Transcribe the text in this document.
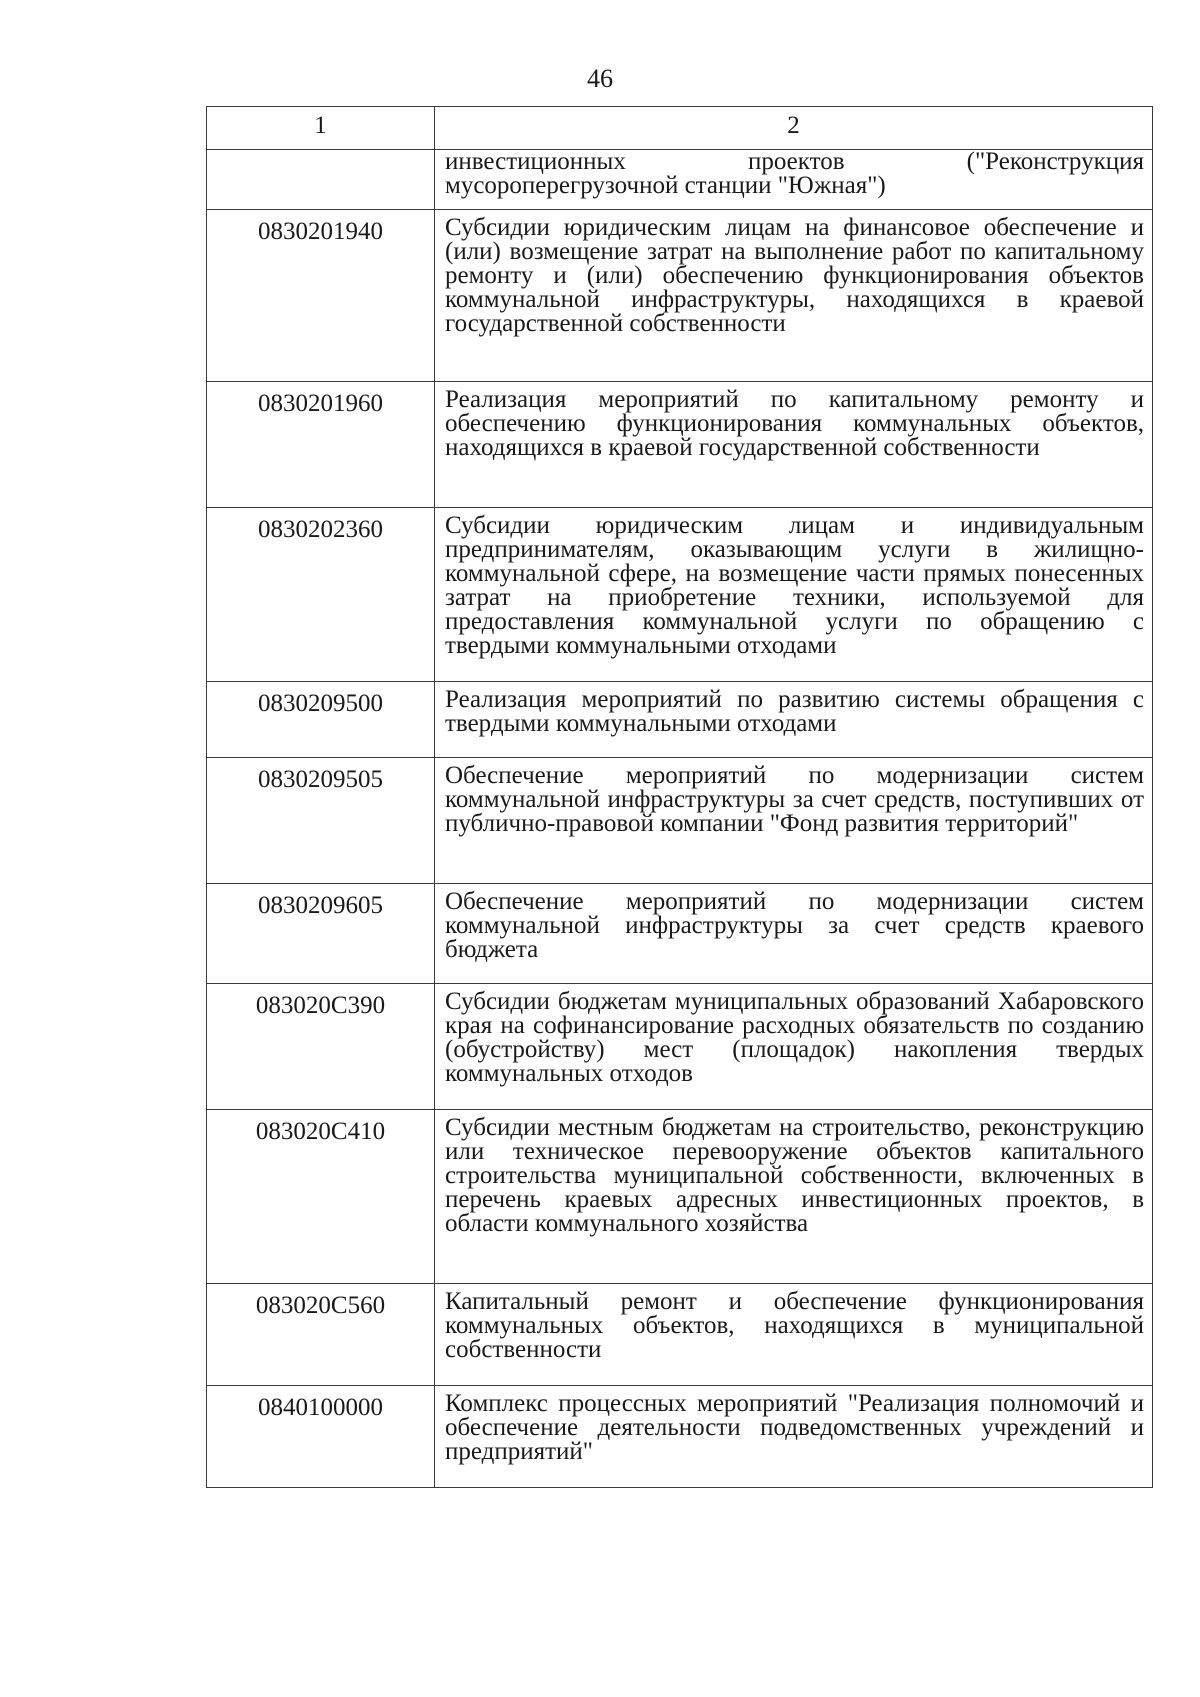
46
1	2
	инвестиционных проектов ("Реконструкция мусороперегрузочной станции "Южная")
0830201940	Субсидии юридическим лицам на финансовое обеспечение и (или) возмещение затрат на выполнение работ по капитальному ремонту и (или) обеспечению функционирования объектов коммунальной инфраструктуры, находящихся в краевой государственной собственности
0830201960	Реализация мероприятий по капитальному ремонту и обеспечению функционирования коммунальных объектов, находящихся в краевой государственной собственности
0830202360	Субсидии юридическим лицам и индивидуальным предпринимателям, оказывающим услуги в жилищно-коммунальной сфере, на возмещение части прямых понесенных затрат на приобретение техники, используемой для предоставления коммунальной услуги по обращению с твердыми коммунальными отходами
0830209500	Реализация мероприятий по развитию системы обращения с твердыми коммунальными отходами
0830209505	Обеспечение мероприятий по модернизации систем коммунальной инфраструктуры за счет средств, поступивших от публично-правовой компании "Фонд развития территорий"
0830209605	Обеспечение мероприятий по модернизации систем коммунальной инфраструктуры за счет средств краевого бюджета
083020С390	Субсидии бюджетам муниципальных образований Хабаровского края на софинансирование расходных обязательств по созданию (обустройству) мест (площадок) накопления твердых коммунальных отходов
083020С410	Субсидии местным бюджетам на строительство, реконструкцию или техническое перевооружение объектов капитального строительства муниципальной собственности, включенных в перечень краевых адресных инвестиционных проектов, в области коммунального хозяйства
083020С560	Капитальный ремонт и обеспечение функционирования коммунальных объектов, находящихся в муниципальной собственности
0840100000	Комплекс процессных мероприятий "Реализация полномочий и обеспечение деятельности подведомственных учреждений и предприятий"
